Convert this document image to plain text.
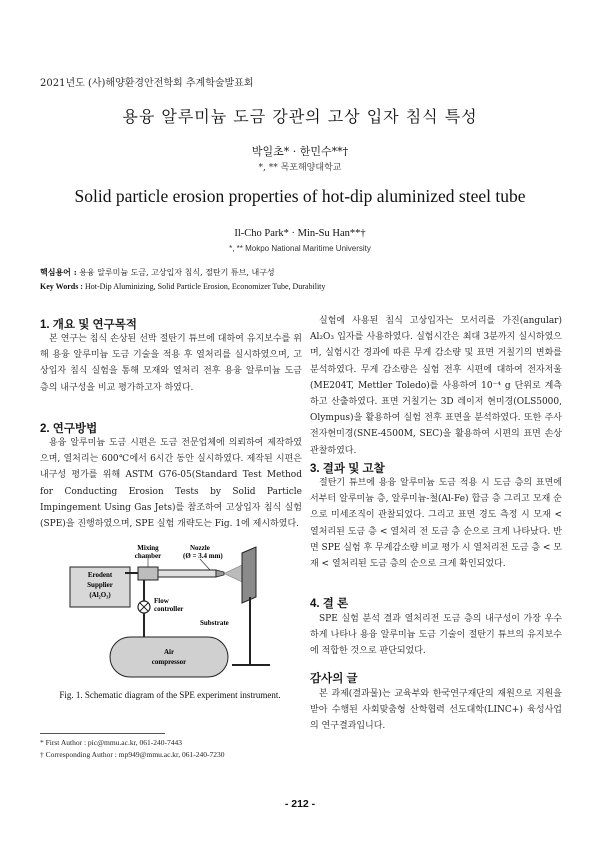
2021년도 (사)해양환경안전학회 추계학술발표회
용융 알루미늄 도금 강관의 고상 입자 침식 특성
박일초* · 한민수**†
*, ** 목포해양대학교
Solid particle erosion properties of hot-dip aluminized steel tube
Il-Cho Park* · Min-Su Han**†
*, ** Mokpo National Maritime University
핵심용어 : 용융 알루미늄 도금, 고상입자 침식, 절탄기 튜브, 내구성
Key Words : Hot-Dip Aluminizing, Solid Particle Erosion, Economizer Tube, Durability
1. 개요 및 연구목적

본 연구는 침식 손상된 선박 절탄기 튜브에 대하여 유지보수를 위해 용융 알루미늄 도금 기술을 적용 후 열처리를 실시하였으며, 고상입자 침식 실험을 통해 모재와 열처리 전후 용융 알루미늄 도금 층의 내구성을 비교 평가하고자 하였다.

2. 연구방법

용융 알루미늄 도금 시편은 도금 전문업체에 의뢰하여 제작하였으며, 열처리는 600℃에서 6시간 동안 실시하였다. 제작된 시편은 내구성 평가를 위해 ASTM G76-05(Standard Test Method for Conducting Erosion Tests by Solid Particle Impingement Using Gas Jets)를 참조하여 고상입자 침식 실험(SPE)을 진행하였으며, SPE 실험 개략도는 Fig. 1에 제시하였다.

Mixing
chamber
Nozzle
(Ø = 3.4 mm)
Erodent
Supplier
(Al₂O₃)
Flow
controller
Substrate
Air
compressor
Fig. 1. Schematic diagram of the SPE experiment instrument.
* First Author : pic@mmu.ac.kr, 061-240-7443
† Corresponding Author : mp949@mmu.ac.kr, 061-240-7230

실험에 사용된 침식 고상입자는 모서리를 가진(angular) Al₂O₃ 입자를 사용하였다. 실험시간은 최대 3분까지 실시하였으며, 실험시간 경과에 따른 무게 감소량 및 표면 거칠기의 변화를 분석하였다. 무게 감소량은 실험 전후 시편에 대하여 전자저울(ME204T, Mettler Toledo)를 사용하여 10⁻⁴ g 단위로 계측하고 산출하였다. 표면 거칠기는 3D 레이저 현미경(OLS5000, Olympus)을 활용하여 실험 전후 표면을 분석하였다. 또한 주사전자현미경(SNE-4500M, SEC)을 활용하여 시편의 표면 손상 관찰하였다.

3. 결과 및 고찰

절탄기 튜브에 용융 알루미늄 도금 적용 시 도금 층의 표면에서부터 알루미늄 층, 알루미늄-철(Al-Fe) 합금 층 그리고 모재 순으로 미세조직이 관찰되었다. 그리고 표면 경도 측정 시 모재 < 열처리된 도금 층 < 열처리 전 도금 층 순으로 크게 나타났다. 반면 SPE 실험 후 무게감소량 비교 평가 시 열처리전 도금 층 < 모재 < 열처리된 도금 층의 순으로 크게 확인되었다.

4. 결 론

SPE 실험 분석 결과 열처리전 도금 층의 내구성이 가장 우수하게 나타나 용융 알루미늄 도금 기술이 절탄기 튜브의 유지보수에 적합한 것으로 판단되었다.

감사의 글

본 과제(결과물)는 교육부와 한국연구재단의 재원으로 지원을 받아 수행된 사회맞춤형 산학협력 선도대학(LINC+) 육성사업의 연구결과입니다.

- 212 -
